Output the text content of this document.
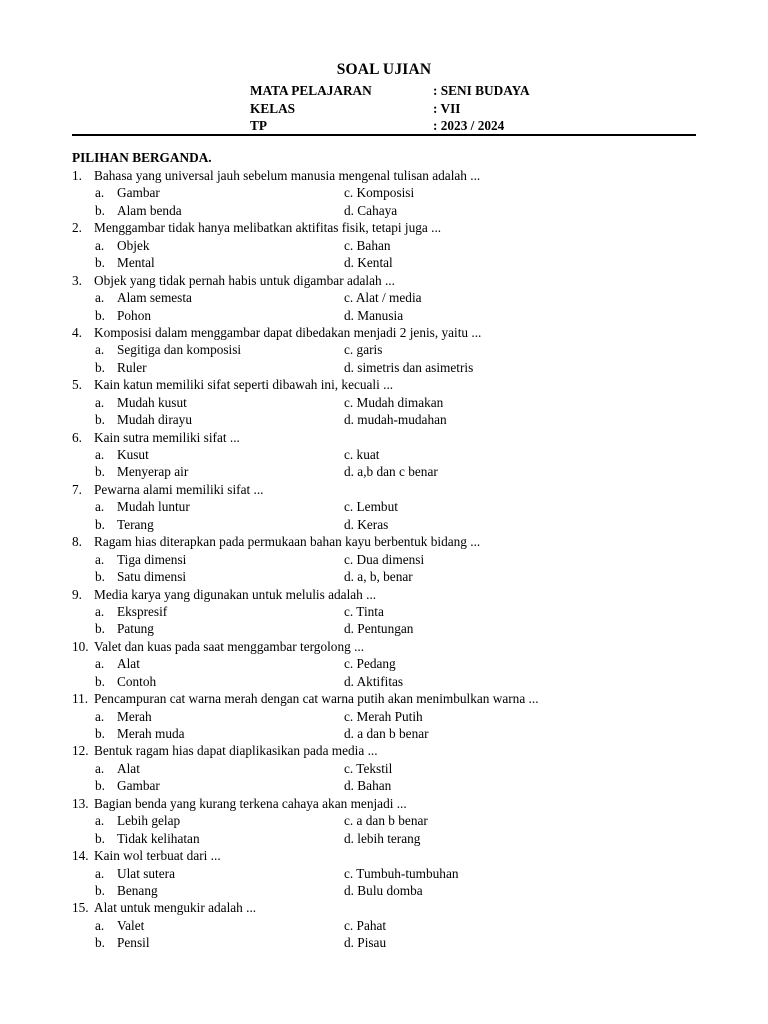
SOAL UJIAN
MATA PELAJARAN	: SENI BUDAYA
KELAS	: VII
TP	: 2023 / 2024
PILIHAN BERGANDA.
1. Bahasa yang universal jauh sebelum manusia mengenal tulisan adalah ...
a. Gambar	c. Komposisi
b. Alam benda	d. Cahaya
2. Menggambar tidak hanya melibatkan aktifitas fisik, tetapi juga ...
a. Objek	c. Bahan
b. Mental	d. Kental
3. Objek yang tidak pernah habis untuk digambar adalah ...
a. Alam semesta	c. Alat / media
b. Pohon	d. Manusia
4. Komposisi dalam menggambar dapat dibedakan menjadi 2 jenis, yaitu ...
a. Segitiga dan komposisi	c. garis
b. Ruler	d. simetris dan asimetris
5. Kain katun memiliki sifat seperti dibawah ini, kecuali ...
a. Mudah kusut	c. Mudah dimakan
b. Mudah dirayu	d. mudah-mudahan
6. Kain sutra memiliki sifat ...
a. Kusut	c. kuat
b. Menyerap air	d. a,b dan c benar
7. Pewarna alami memiliki sifat ...
a. Mudah luntur	c. Lembut
b. Terang	d. Keras
8. Ragam hias diterapkan pada permukaan bahan kayu berbentuk bidang ...
a. Tiga dimensi	c. Dua dimensi
b. Satu dimensi	d. a, b, benar
9. Media karya yang digunakan untuk melulis adalah ...
a. Ekspresif	c. Tinta
b. Patung	d. Pentungan
10. Valet dan kuas pada saat menggambar tergolong ...
a. Alat	c. Pedang
b. Contoh	d. Aktifitas
11. Pencampuran cat warna merah dengan cat warna putih akan menimbulkan warna ...
a. Merah	c. Merah Putih
b. Merah muda	d. a dan b benar
12. Bentuk ragam hias dapat diaplikasikan pada media ...
a. Alat	c. Tekstil
b. Gambar	d. Bahan
13. Bagian benda yang kurang terkena cahaya akan menjadi ...
a. Lebih gelap	c. a dan b benar
b. Tidak kelihatan	d. lebih terang
14. Kain wol terbuat dari ...
a. Ulat sutera	c. Tumbuh-tumbuhan
b. Benang	d. Bulu domba
15. Alat untuk mengukir adalah ...
a. Valet	c. Pahat
b. Pensil	d. Pisau
